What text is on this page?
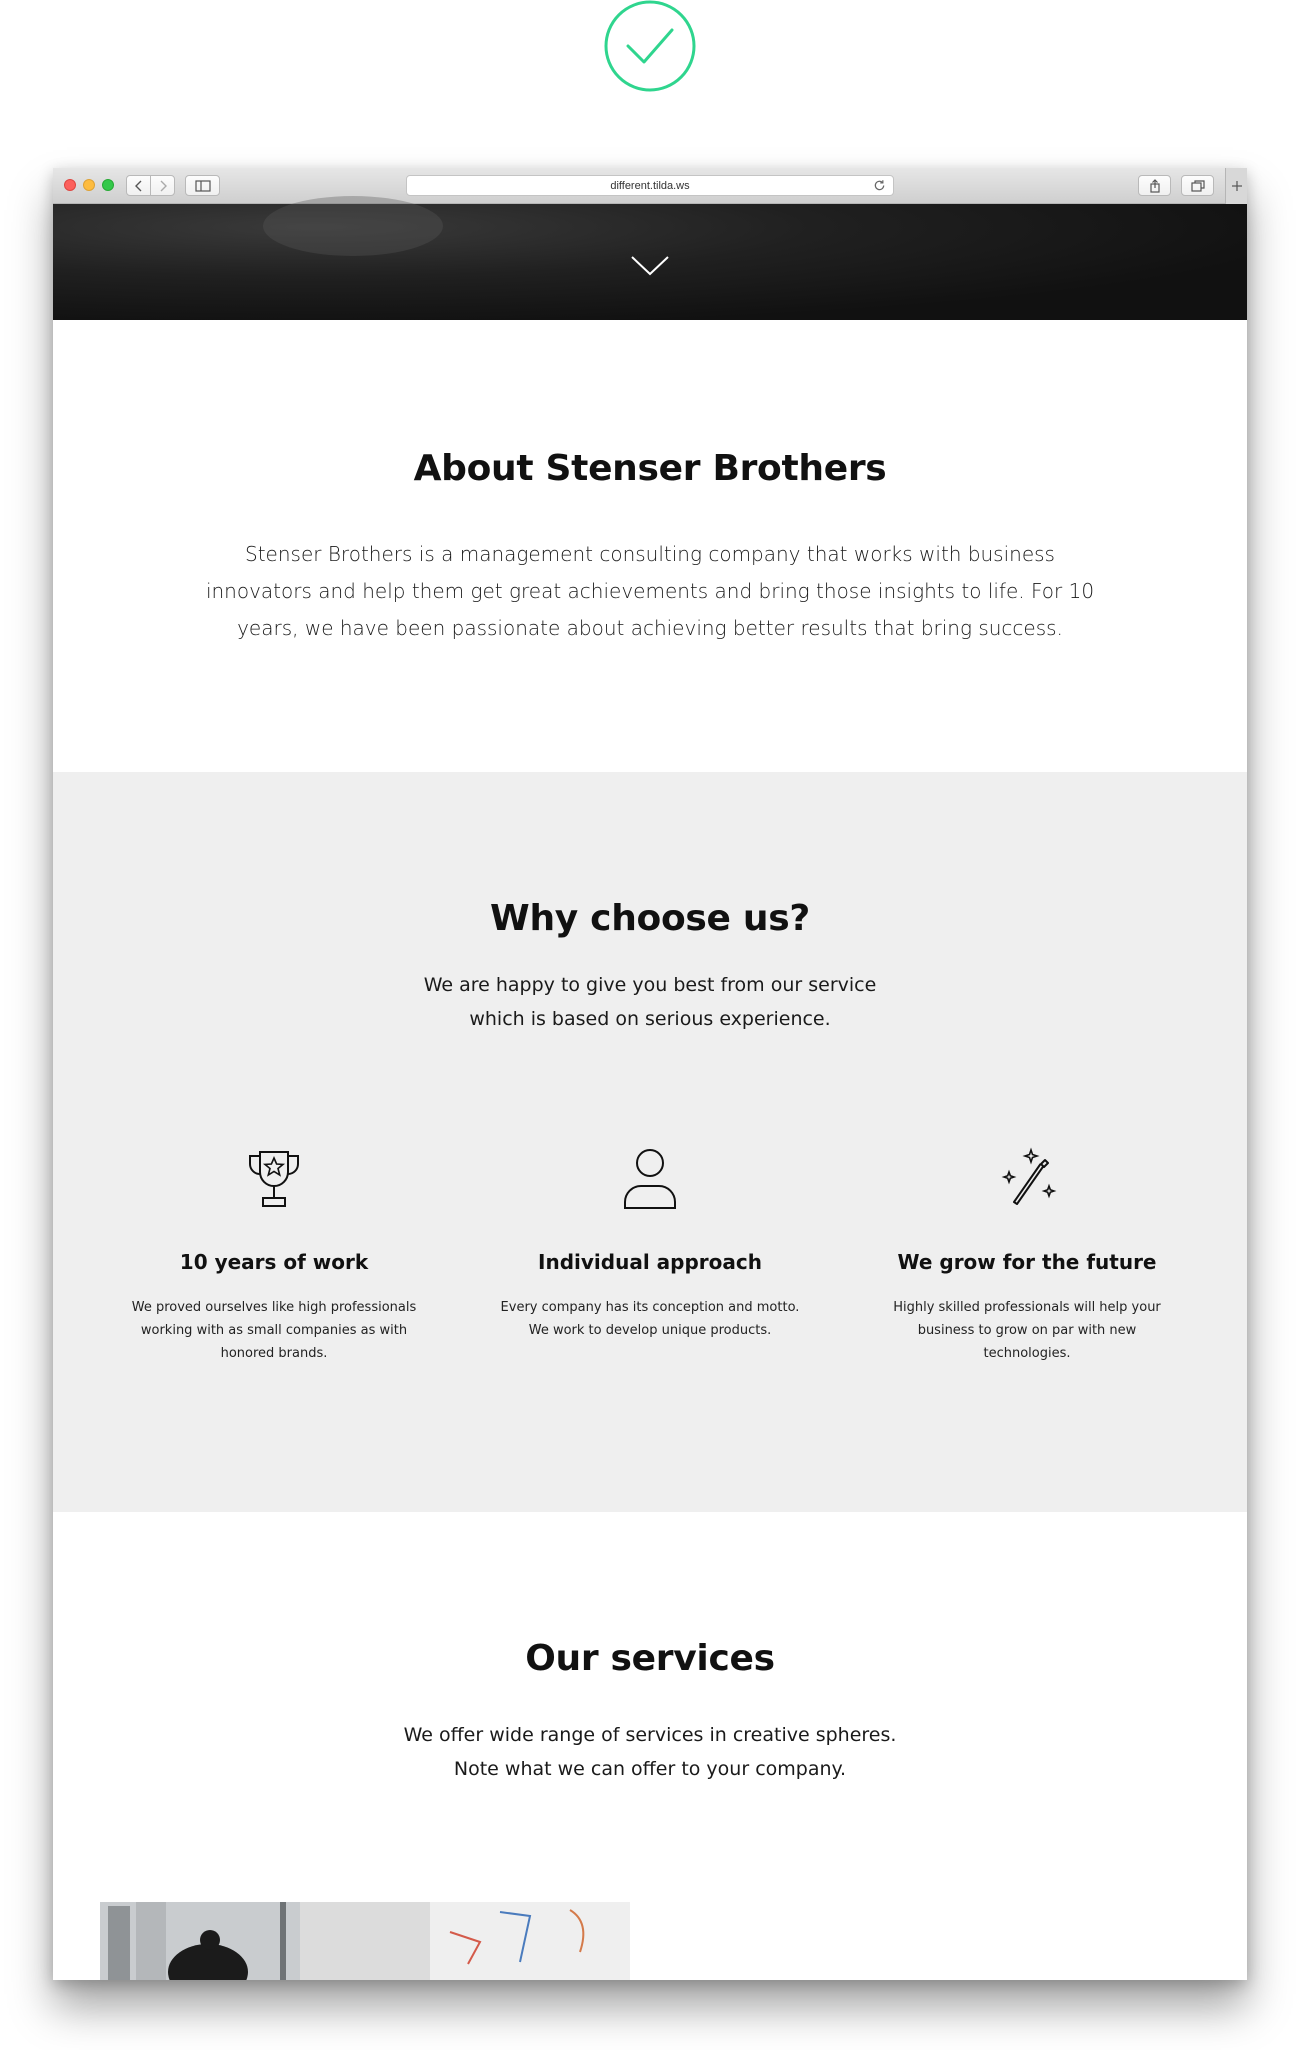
different.tilda.ws
About Stenser Brothers

Stenser Brothers is a management consulting company that works with business innovators and help them get great achievements and bring those insights to life. For 10 years, we have been passionate about achieving better results that bring success.

Why choose us?

We are happy to give you best from our service which is based on serious experience.

10 years of work

We proved ourselves like high professionals working with as small companies as with honored brands.

Individual approach

Every company has its conception and motto. We work to develop unique products.

We grow for the future

Highly skilled professionals will help your business to grow on par with new technologies.

Our services

We offer wide range of services in creative spheres. Note what we can offer to your company.
